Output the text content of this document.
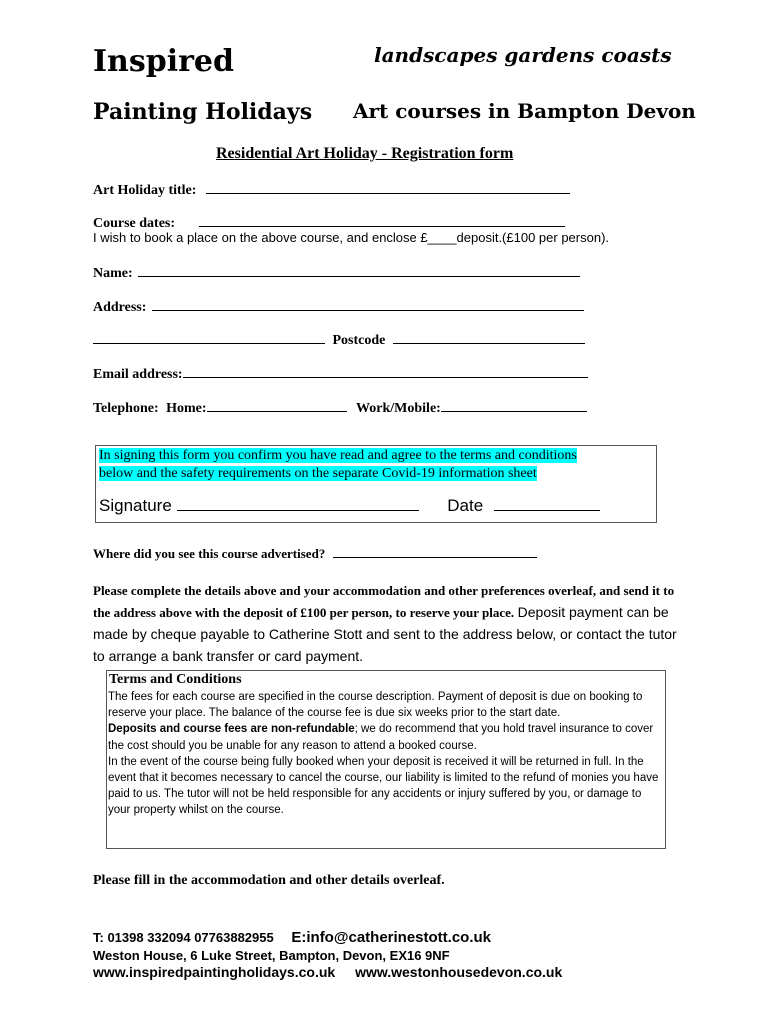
Inspired	landscapes gardens coasts
Painting Holidays Art courses in Bampton Devon
Residential Art Holiday - Registration form
Art Holiday title:
Course dates:
I wish to book a place on the above course, and enclose £____deposit.(£100 per person).
Name:
Address:
Postcode
Email address:
Telephone: Home:	Work/Mobile:
In signing this form you confirm you have read and agree to the terms and conditions
below and the safety requirements on the separate Covid-19 information sheet
Signature	Date
Where did you see this course advertised?
Please complete the details above and your accommodation and other preferences overleaf, and send it to the address above with the deposit of £100 per person, to reserve your place. Deposit payment can be made by cheque payable to Catherine Stott and sent to the address below, or contact the tutor to arrange a bank transfer or card payment.
Terms and Conditions
The fees for each course are specified in the course description. Payment of deposit is due on booking to reserve your place. The balance of the course fee is due six weeks prior to the start date.
Deposits and course fees are non-refundable; we do recommend that you hold travel insurance to cover the cost should you be unable for any reason to attend a booked course.
In the event of the course being fully booked when your deposit is received it will be returned in full. In the event that it becomes necessary to cancel the course, our liability is limited to the refund of monies you have paid to us. The tutor will not be held responsible for any accidents or injury suffered by you, or damage to your property whilst on the course.
Please fill in the accommodation and other details overleaf.
T: 01398 332094 07763882955 E:info@catherinestott.co.uk
Weston House, 6 Luke Street, Bampton, Devon, EX16 9NF
www.inspiredpaintingholidays.co.uk www.westonhousedevon.co.uk
